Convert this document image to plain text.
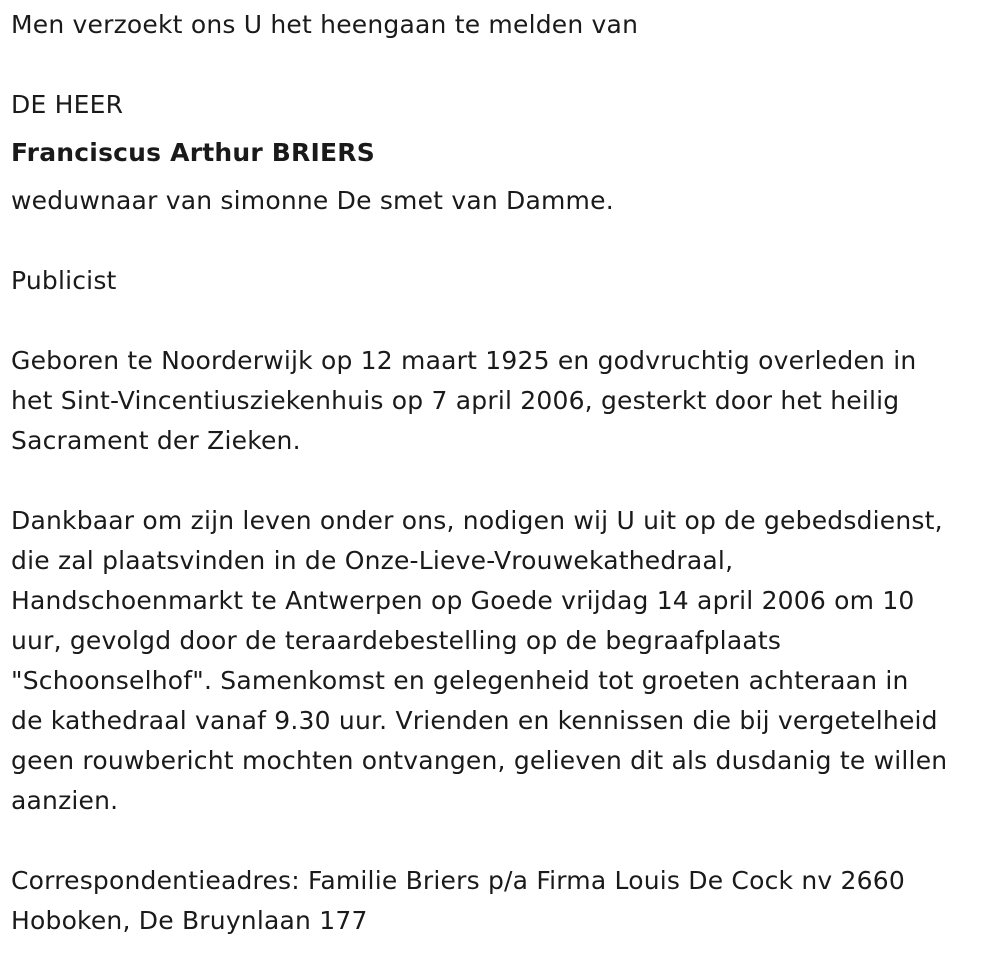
Men verzoekt ons U het heengaan te melden van
DE HEER
Franciscus Arthur BRIERS
weduwnaar van simonne De smet van Damme.
Publicist
Geboren te Noorderwijk op 12 maart 1925 en godvruchtig overleden in
het Sint-Vincentiusziekenhuis op 7 april 2006, gesterkt door het heilig
Sacrament der Zieken.
Dankbaar om zijn leven onder ons, nodigen wij U uit op de gebedsdienst,
die zal plaatsvinden in de Onze-Lieve-Vrouwekathedraal,
Handschoenmarkt te Antwerpen op Goede vrijdag 14 april 2006 om 10
uur, gevolgd door de teraardebestelling op de begraafplaats
"Schoonselhof". Samenkomst en gelegenheid tot groeten achteraan in
de kathedraal vanaf 9.30 uur. Vrienden en kennissen die bij vergetelheid
geen rouwbericht mochten ontvangen, gelieven dit als dusdanig te willen
aanzien.
Correspondentieadres: Familie Briers p/a Firma Louis De Cock nv 2660
Hoboken, De Bruynlaan 177
